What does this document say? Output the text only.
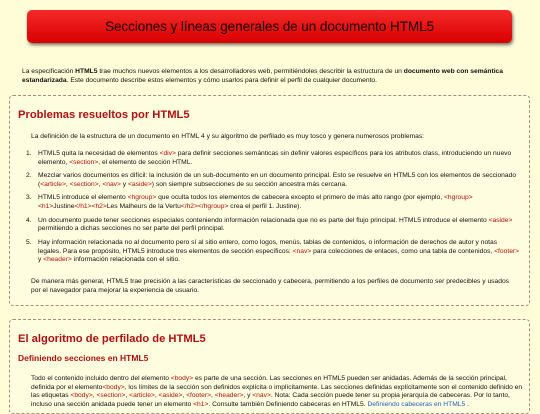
Secciones y líneas generales de un documento HTML5

La especificación HTML5 trae muchos nuevos elementos a los desarrolladores web, permitiéndoles describir la estructura de un documento web con semántica estandarizada. Este documento describe estos elementos y cómo usarlos para definir el perfil de cualquier documento.

Problemas resueltos por HTML5

La definición de la estructura de un documento en HTML 4 y su algoritmo de perfilado es muy tosco y genera numerosos problemas:

1. HTML5 quita la necesidad de elementos <div> para definir secciones semánticas sin definir valores específicos para los atributos class, introduciendo un nuevo elemento, <section>, el elemento de sección HTML.
2. Mezclar varios documentos es difícil: la inclusión de un sub-documento en un documento principal. Esto se resuelve en HTML5 con los elementos de seccionado (<article>, <section>, <nav> y <aside>) son siempre subsecciones de su sección ancestra más cercana.
3. HTML5 introduce el elemento <hgroup> que oculta todos los elementos de cabecera excepto el primero de más alto rango (por ejemplo, <hgroup> <h1>Justine</h1><h2>Les Malheurs de la Vertu</h2></hgroup> crea el perfil 1. Justine).
4. Un documento puede tener secciones especiales conteniendo información relacionada que no es parte del flujo principal. HTML5 introduce el elemento <aside> permitiendo a dichas secciones no ser parte del perfil principal.
5. Hay información relacionada no al documento pero sí al sitio entero, como logos, menús, tablas de contenidos, o información de derechos de autor y notas legales. Para ese propósito, HTML5 introduce tres elementos de sección específicos: <nav> para colecciones de enlaces, como una tabla de contenidos, <footer> y <header> información relacionada con el sitio.

De manera más general, HTML5 trae precisión a las características de seccionado y cabecera, permitiendo a los perfiles de documento ser predecibles y usados por el navegador para mejorar la experiencia de usuario.

El algoritmo de perfilado de HTML5
Definiendo secciones en HTML5

Todo el contenido incluido dentro del elemento <body> es parte de una sección. Las secciones en HTML5 pueden ser anidadas. Además de la sección principal, definida por el elemento<body>, los límites de la sección son definidos explícita o implícitamente. Las secciones definidas explícitamente son el contenido definido en las etiquetas <body>, <section>, <article>, <aside>, <footer>, <header>, y <nav>. Nota: Cada sección puede tener su propia jerarquía de cabeceras. Por lo tanto, incluso una sección anidada puede tener un elemento <h1>. Consulte también Definiendo cabeceras en HTML5. Definiendo cabeceras en HTML5 .
